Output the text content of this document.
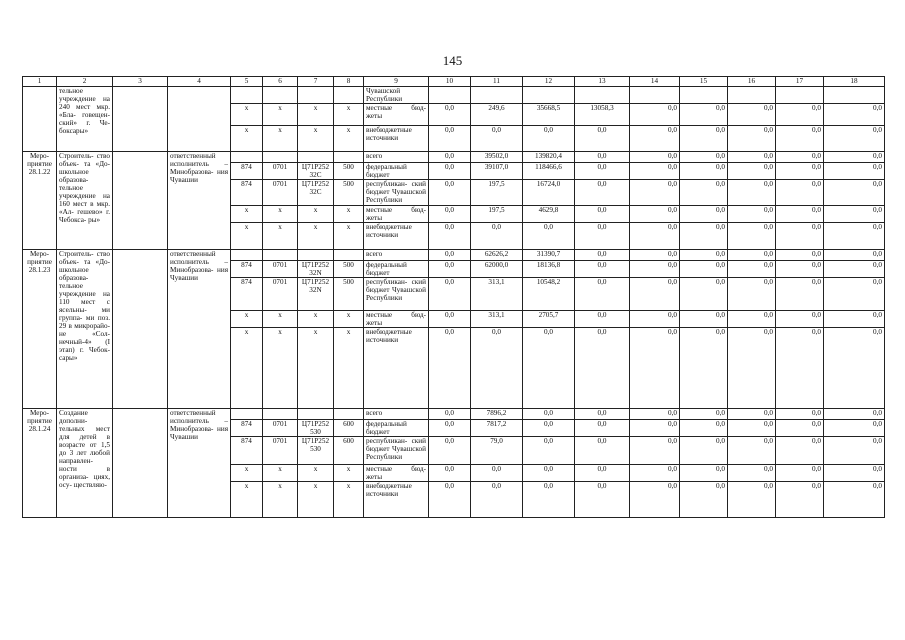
145
1	2	3	4	5	6	7	8	9	10	11	12	13	14	15	16	17	18
	тельное учреждение на 240 мест мкр. «Бла- говещен- ский» г. Че- боксары»							Чувашской Республики									
				x	x	x	x	местные бюд- жеты	0,0	249,6	35668,5	13058,3	0,0	0,0	0,0	0,0	0,0
				x	x	x	x	внебюджетные источники	0,0	0,0	0,0	0,0	0,0	0,0	0,0	0,0	0,0
Меро- приятие 28.1.22	Строитель- ство объек- та «До- школьное образова- тельное учреждение на 160 мест в мкр. «Ал- гешево» г. Чебокса- ры»		ответственный исполнитель – Минобразова- ния Чувашии					всего	0,0	39502,0	139820,4	0,0	0,0	0,0	0,0	0,0	0,0
				874	0701	Ц71Р252 32С	500	федеральный бюджет	0,0	39107,0	118466,6	0,0	0,0	0,0	0,0	0,0	0,0
				874	0701	Ц71Р252 32С	500	республикан- ский бюджет Чувашской Республики	0,0	197,5	16724,0	0,0	0,0	0,0	0,0	0,0	0,0
				x	x	x	x	местные бюд- жеты	0,0	197,5	4629,8	0,0	0,0	0,0	0,0	0,0	0,0
				x	x	x	x	внебюджетные источники	0,0	0,0	0,0	0,0	0,0	0,0	0,0	0,0	0,0
Меро- приятие 28.1.23	Строитель- ство объек- та «До- школьное образова- тельное учреждение на 110 мест с ясельны- ми группа- ми поз. 29 в микрорайо- не «Сол- нечный-4» (I этап) г. Чебок- сары»		ответственный исполнитель – Минобразова- ния Чувашии					всего	0,0	62626,2	31390,7	0,0	0,0	0,0	0,0	0,0	0,0
				874	0701	Ц71Р252 32N	500	федеральный бюджет	0,0	62000,0	18136,8	0,0	0,0	0,0	0,0	0,0	0,0
				874	0701	Ц71Р252 32N	500	республикан- ский бюджет Чувашской Республики	0,0	313,1	10548,2	0,0	0,0	0,0	0,0	0,0	0,0
				x	x	x	x	местные бюд- жеты	0,0	313,1	2705,7	0,0	0,0	0,0	0,0	0,0	0,0
				x	x	x	x	внебюджетные источники	0,0	0,0	0,0	0,0	0,0	0,0	0,0	0,0	0,0
Меро- приятие 28.1.24	Создание дополни- тельных мест для детей в возрасте от 1,5 до 3 лет любой направлен- ности в организа- циях, осу- ществляю-		ответственный исполнитель – Минобразова- ния Чувашии					всего	0,0	7896,2	0,0	0,0	0,0	0,0	0,0	0,0	0,0
				874	0701	Ц71Р252 530	600	федеральный бюджет	0,0	7817,2	0,0	0,0	0,0	0,0	0,0	0,0	0,0
				874	0701	Ц71Р252 530	600	республикан- ский бюджет Чувашской Республики	0,0	79,0	0,0	0,0	0,0	0,0	0,0	0,0	0,0
				x	x	x	x	местные бюд- жеты	0,0	0,0	0,0	0,0	0,0	0,0	0,0	0,0	0,0
				x	x	x	x	внебюджетные источники	0,0	0,0	0,0	0,0	0,0	0,0	0,0	0,0	0,0
